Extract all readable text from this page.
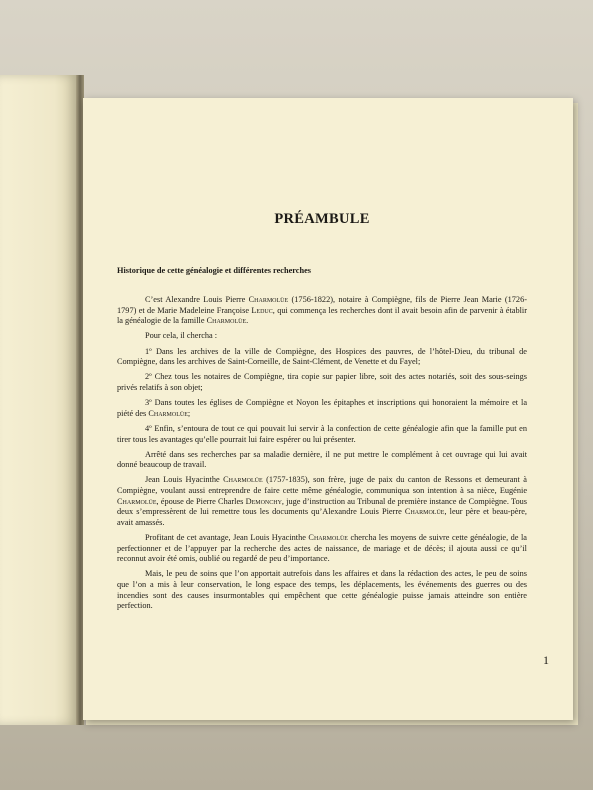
PRÉAMBULE
Historique de cette généalogie et différentes recherches

C’est Alexandre Louis Pierre Charmolüe (1756-1822), notaire à Compiègne, fils de Pierre Jean Marie (1726-1797) et de Marie Madeleine Françoise Leduc, qui commença les recherches dont il avait besoin afin de parvenir à établir la généalogie de la famille Charmolüe.

Pour cela, il chercha :

1º Dans les archives de la ville de Compiègne, des Hospices des pauvres, de l’hôtel-Dieu, du tribunal de Compiègne, dans les archives de Saint-Corneille, de Saint-Clément, de Venette et du Fayel;

2º Chez tous les notaires de Compiègne, tira copie sur papier libre, soit des actes notariés, soit des sous-seings privés relatifs à son objet;

3º Dans toutes les églises de Compiègne et Noyon les épitaphes et inscriptions qui honoraient la mémoire et la piété des Charmolüe;

4º Enfin, s’entoura de tout ce qui pouvait lui servir à la confection de cette généalogie afin que la famille put en tirer tous les avantages qu’elle pourrait lui faire espérer ou lui présenter.

Arrêté dans ses recherches par sa maladie dernière, il ne put mettre le complément à cet ouvrage qui lui avait donné beaucoup de travail.

Jean Louis Hyacinthe Charmolüe (1757-1835), son frère, juge de paix du canton de Ressons et demeurant à Compiègne, voulant aussi entreprendre de faire cette même généalogie, communiqua son intention à sa nièce, Eugénie Charmolüe, épouse de Pierre Charles Demonchy, juge d’instruction au Tribunal de première instance de Compiègne. Tous deux s’empressèrent de lui remettre tous les documents qu’Alexandre Louis Pierre Charmolüe, leur père et beau-père, avait amassés.

Profitant de cet avantage, Jean Louis Hyacinthe Charmolüe chercha les moyens de suivre cette généalogie, de la perfectionner et de l’appuyer par la recherche des actes de naissance, de mariage et de décès; il ajouta aussi ce qu’il reconnut avoir été omis, oublié ou regardé de peu d’importance.

Mais, le peu de soins que l’on apportait autrefois dans les affaires et dans la rédaction des actes, le peu de soins que l’on a mis à leur conservation, le long espace des temps, les déplacements, les événements des guerres ou des incendies sont des causes insurmontables qui empêchent que cette généalogie puisse jamais atteindre son entière perfection.

1
